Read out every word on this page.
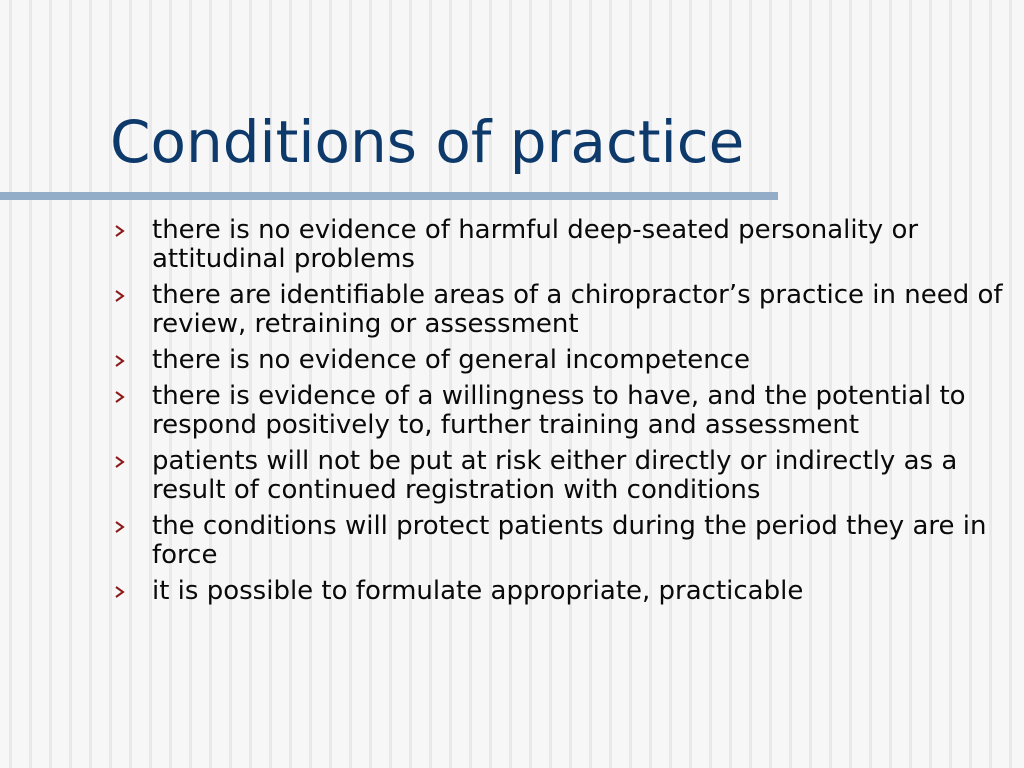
Conditions of practice
there is no evidence of harmful deep-seated personality or attitudinal problems
there are identifiable areas of a chiropractor’s practice in need of review, retraining or assessment
there is no evidence of general incompetence
there is evidence of a willingness to have, and the potential to respond positively to, further training and assessment
patients will not be put at risk either directly or indirectly as a result of continued registration with conditions
the conditions will protect patients during the period they are in force
it is possible to formulate appropriate, practicable
